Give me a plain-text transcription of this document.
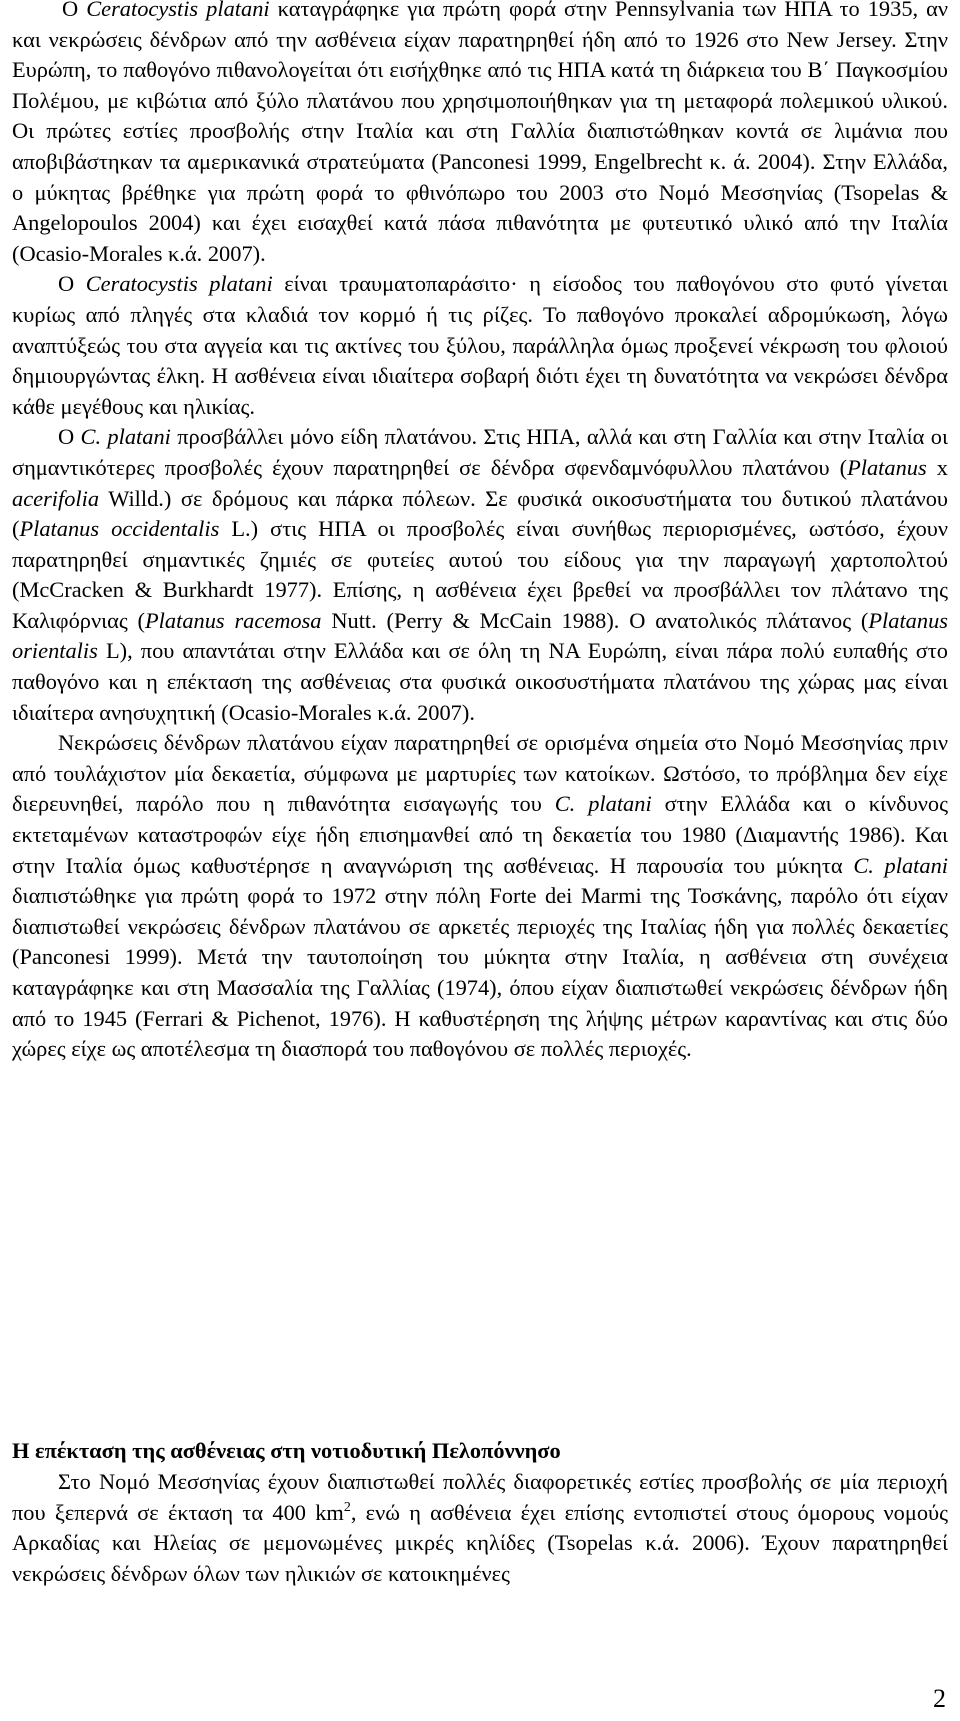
Ο Ceratocystis platani καταγράφηκε για πρώτη φορά στην Pennsylvania των ΗΠΑ το 1935, αν και νεκρώσεις δένδρων από την ασθένεια είχαν παρατηρηθεί ήδη από το 1926 στο New Jersey. Στην Ευρώπη, το παθογόνο πιθανολογείται ότι εισήχθηκε από τις ΗΠΑ κατά τη διάρκεια του Β΄ Παγκοσμίου Πολέμου, με κιβώτια από ξύλο πλατάνου που χρησιμοποιήθηκαν για τη μεταφορά πολεμικού υλικού. Οι πρώτες εστίες προσβολής στην Ιταλία και στη Γαλλία διαπιστώθηκαν κοντά σε λιμάνια που αποβιβάστηκαν τα αμερικανικά στρατεύματα (Panconesi 1999, Engelbrecht κ. ά. 2004). Στην Ελλάδα, ο μύκητας βρέθηκε για πρώτη φορά το φθινόπωρο του 2003 στο Νομό Μεσσηνίας (Tsopelas & Angelopoulos 2004) και έχει εισαχθεί κατά πάσα πιθανότητα με φυτευτικό υλικό από την Ιταλία (Ocasio-Morales κ.ά. 2007).

Ο Ceratocystis platani είναι τραυματοπαράσιτο· η είσοδος του παθογόνου στο φυτό γίνεται κυρίως από πληγές στα κλαδιά τον κορμό ή τις ρίζες. Το παθογόνο προκαλεί αδρομύκωση, λόγω αναπτύξεώς του στα αγγεία και τις ακτίνες του ξύλου, παράλληλα όμως προξενεί νέκρωση του φλοιού δημιουργώντας έλκη. Η ασθένεια είναι ιδιαίτερα σοβαρή διότι έχει τη δυνατότητα να νεκρώσει δένδρα κάθε μεγέθους και ηλικίας.

Ο C. platani προσβάλλει μόνο είδη πλατάνου. Στις ΗΠΑ, αλλά και στη Γαλλία και στην Ιταλία οι σημαντικότερες προσβολές έχουν παρατηρηθεί σε δένδρα σφενδαμνόφυλλου πλατάνου (Platanus x acerifolia Willd.) σε δρόμους και πάρκα πόλεων. Σε φυσικά οικοσυστήματα του δυτικού πλατάνου (Platanus occidentalis L.) στις ΗΠΑ οι προσβολές είναι συνήθως περιορισμένες, ωστόσο, έχουν παρατηρηθεί σημαντικές ζημιές σε φυτείες αυτού του είδους για την παραγωγή χαρτοπολτού (McCracken & Burkhardt 1977). Επίσης, η ασθένεια έχει βρεθεί να προσβάλλει τον πλάτανο της Καλιφόρνιας (Platanus racemosa Nutt. (Perry & McCain 1988). Ο ανατολικός πλάτανος (Platanus orientalis L), που απαντάται στην Ελλάδα και σε όλη τη ΝΑ Ευρώπη, είναι πάρα πολύ ευπαθής στο παθογόνο και η επέκταση της ασθένειας στα φυσικά οικοσυστήματα πλατάνου της χώρας μας είναι ιδιαίτερα ανησυχητική (Ocasio-Morales κ.ά. 2007).

Νεκρώσεις δένδρων πλατάνου είχαν παρατηρηθεί σε ορισμένα σημεία στο Νομό Μεσσηνίας πριν από τουλάχιστον μία δεκαετία, σύμφωνα με μαρτυρίες των κατοίκων. Ωστόσο, το πρόβλημα δεν είχε διερευνηθεί, παρόλο που η πιθανότητα εισαγωγής του C. platani στην Ελλάδα και ο κίνδυνος εκτεταμένων καταστροφών είχε ήδη επισημανθεί από τη δεκαετία του 1980 (Διαμαντής 1986). Και στην Ιταλία όμως καθυστέρησε η αναγνώριση της ασθένειας. Η παρουσία του μύκητα C. platani διαπιστώθηκε για πρώτη φορά το 1972 στην πόλη Forte dei Marmi της Τοσκάνης, παρόλο ότι είχαν διαπιστωθεί νεκρώσεις δένδρων πλατάνου σε αρκετές περιοχές της Ιταλίας ήδη για πολλές δεκαετίες (Panconesi 1999). Μετά την ταυτοποίηση του μύκητα στην Ιταλία, η ασθένεια στη συνέχεια καταγράφηκε και στη Μασσαλία της Γαλλίας (1974), όπου είχαν διαπιστωθεί νεκρώσεις δένδρων ήδη από το 1945 (Ferrari & Pichenot, 1976). Η καθυστέρηση της λήψης μέτρων καραντίνας και στις δύο χώρες είχε ως αποτέλεσμα τη διασπορά του παθογόνου σε πολλές περιοχές.

Η επέκταση της ασθένειας στη νοτιοδυτική Πελοπόννησο

Στο Νομό Μεσσηνίας έχουν διαπιστωθεί πολλές διαφορετικές εστίες προσβολής σε μία περιοχή που ξεπερνά σε έκταση τα 400 $km^2$, ενώ η ασθένεια έχει επίσης εντοπιστεί στους όμορους νομούς Αρκαδίας και Ηλείας σε μεμονωμένες μικρές κηλίδες (Tsopelas κ.ά. 2006). Έχουν παρατηρηθεί νεκρώσεις δένδρων όλων των ηλικιών σε κατοικημένες

2
